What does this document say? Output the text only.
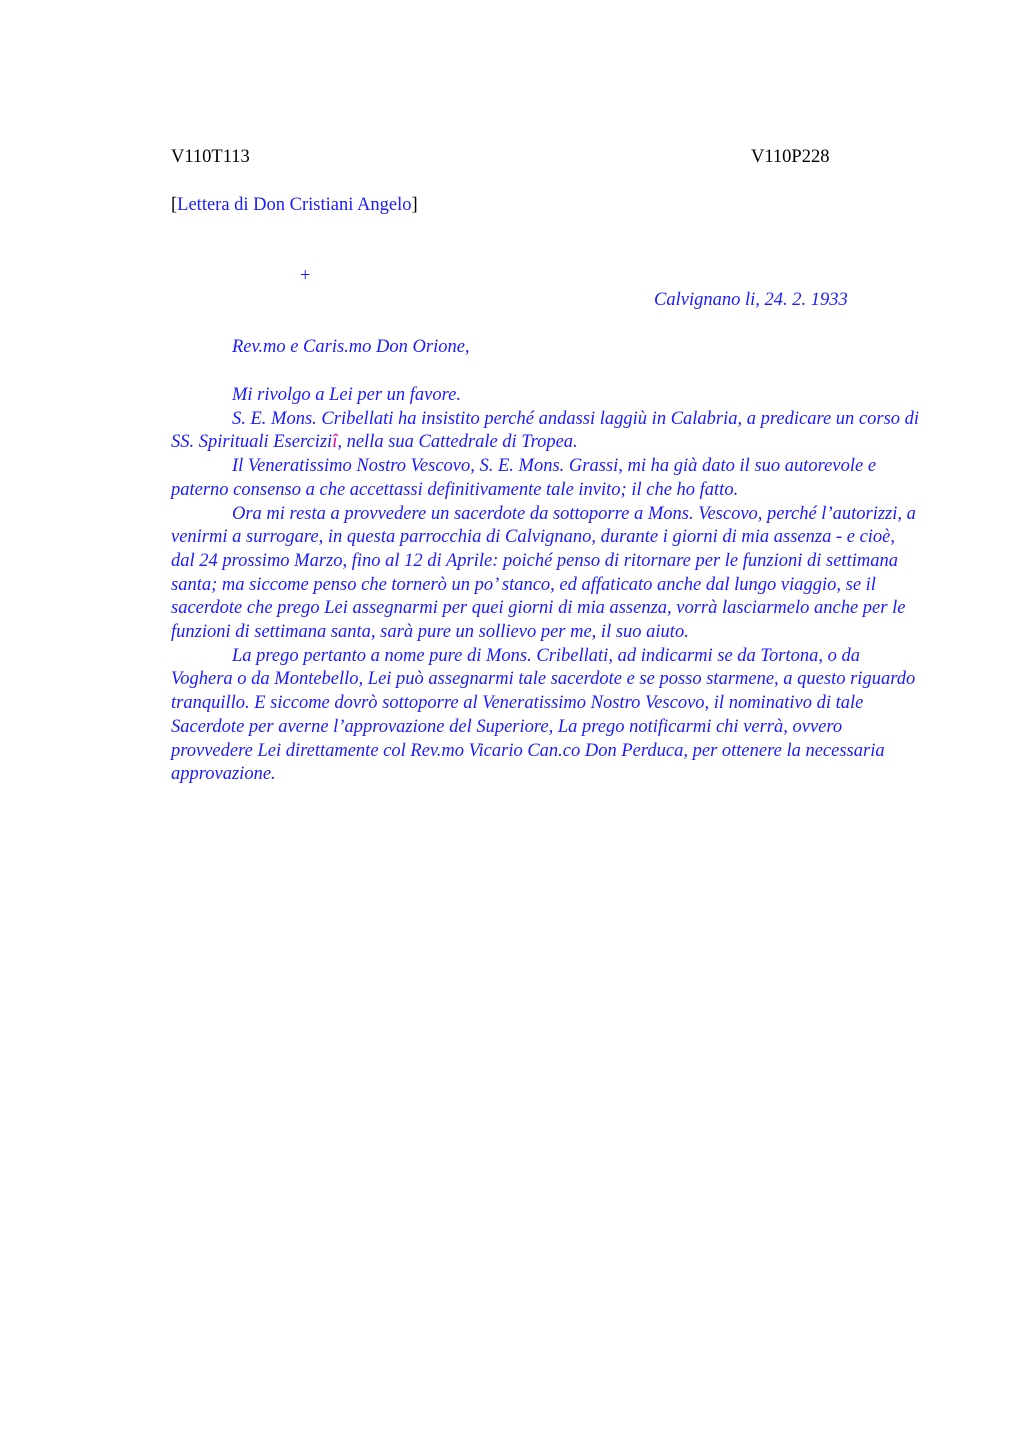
V110T113	V110P228
[Lettera di Don Cristiani Angelo]
+
Calvignano li, 24. 2. 1933
Rev.mo e Caris.mo Don Orione,

Mi rivolgo a Lei per un favore.

S. E. Mons. Cribellati ha insistito perché andassi laggiù in Calabria, a predicare un corso di SS. Spirituali Eserciziî, nella sua Cattedrale di Tropea.

Il Veneratissimo Nostro Vescovo, S. E. Mons. Grassi, mi ha già dato il suo autorevole e paterno consenso a che accettassi definitivamente tale invito; il che ho fatto.

Ora mi resta a provvedere un sacerdote da sottoporre a Mons. Vescovo, perché l’autorizzi, a venirmi a surrogare, in questa parrocchia di Calvignano, durante i giorni di mia assenza - e cioè, dal 24 prossimo Marzo, fino al 12 di Aprile: poiché penso di ritornare per le funzioni di settimana santa; ma siccome penso che tornerò un po’ stanco, ed affaticato anche dal lungo viaggio, se il sacerdote che prego Lei assegnarmi per quei giorni di mia assenza, vorrà lasciarmelo anche per le funzioni di settimana santa, sarà pure un sollievo per me, il suo aiuto.

La prego pertanto a nome pure di Mons. Cribellati, ad indicarmi se da Tortona, o da Voghera o da Montebello, Lei può assegnarmi tale sacerdote e se posso starmene, a questo riguardo tranquillo. E siccome dovrò sottoporre al Veneratissimo Nostro Vescovo, il nominativo di tale Sacerdote per averne l’approvazione del Superiore, La prego notificarmi chi verrà, ovvero provvedere Lei direttamente col Rev.mo Vicario Can.co Don Perduca, per ottenere la necessaria approvazione.
